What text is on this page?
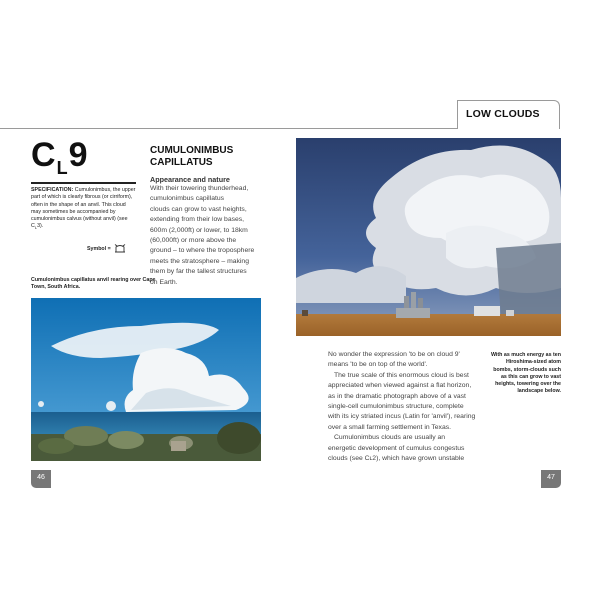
LOW CLOUDS
$C_L9$	CUMULONIMBUS
CAPILLATUS
SPECIFICATION: Cumulonimbus, the upper part of which is clearly fibrous (or cirriform), often in the shape of an anvil. This cloud may sometimes be accompanied by cumulonimbus calvus (without anvil) (see $C_L3$).
Symbol =
Cumulonimbus capillatus anvil rearing over Cape Town, South Africa.
Appearance and nature
With their towering thunderhead,
cumulonimbus capillatus
clouds can grow to vast heights,
extending from their low bases,
600m (2,000ft) or lower, to 18km
(60,000ft) or more above the
ground – to where the troposphere
meets the stratosphere – making
them by far the tallest structures
on Earth.

No wonder the expression 'to be on cloud 9'

means 'to be on top of the world'.

The true scale of this enormous cloud is best

appreciated when viewed against a flat horizon,

as in the dramatic photograph above of a vast

single-cell cumulonimbus structure, complete

with its icy striated incus (Latin for 'anvil'), rearing

over a small farming settlement in Texas.

Cumulonimbus clouds are usually an

energetic development of cumulus congestus

clouds (see Cʟ2), which have grown unstable

With as much energy as ten Hiroshima-sized atom bombs, storm-clouds such as this can grow to vast heights, towering over the landscape below.
46	47
